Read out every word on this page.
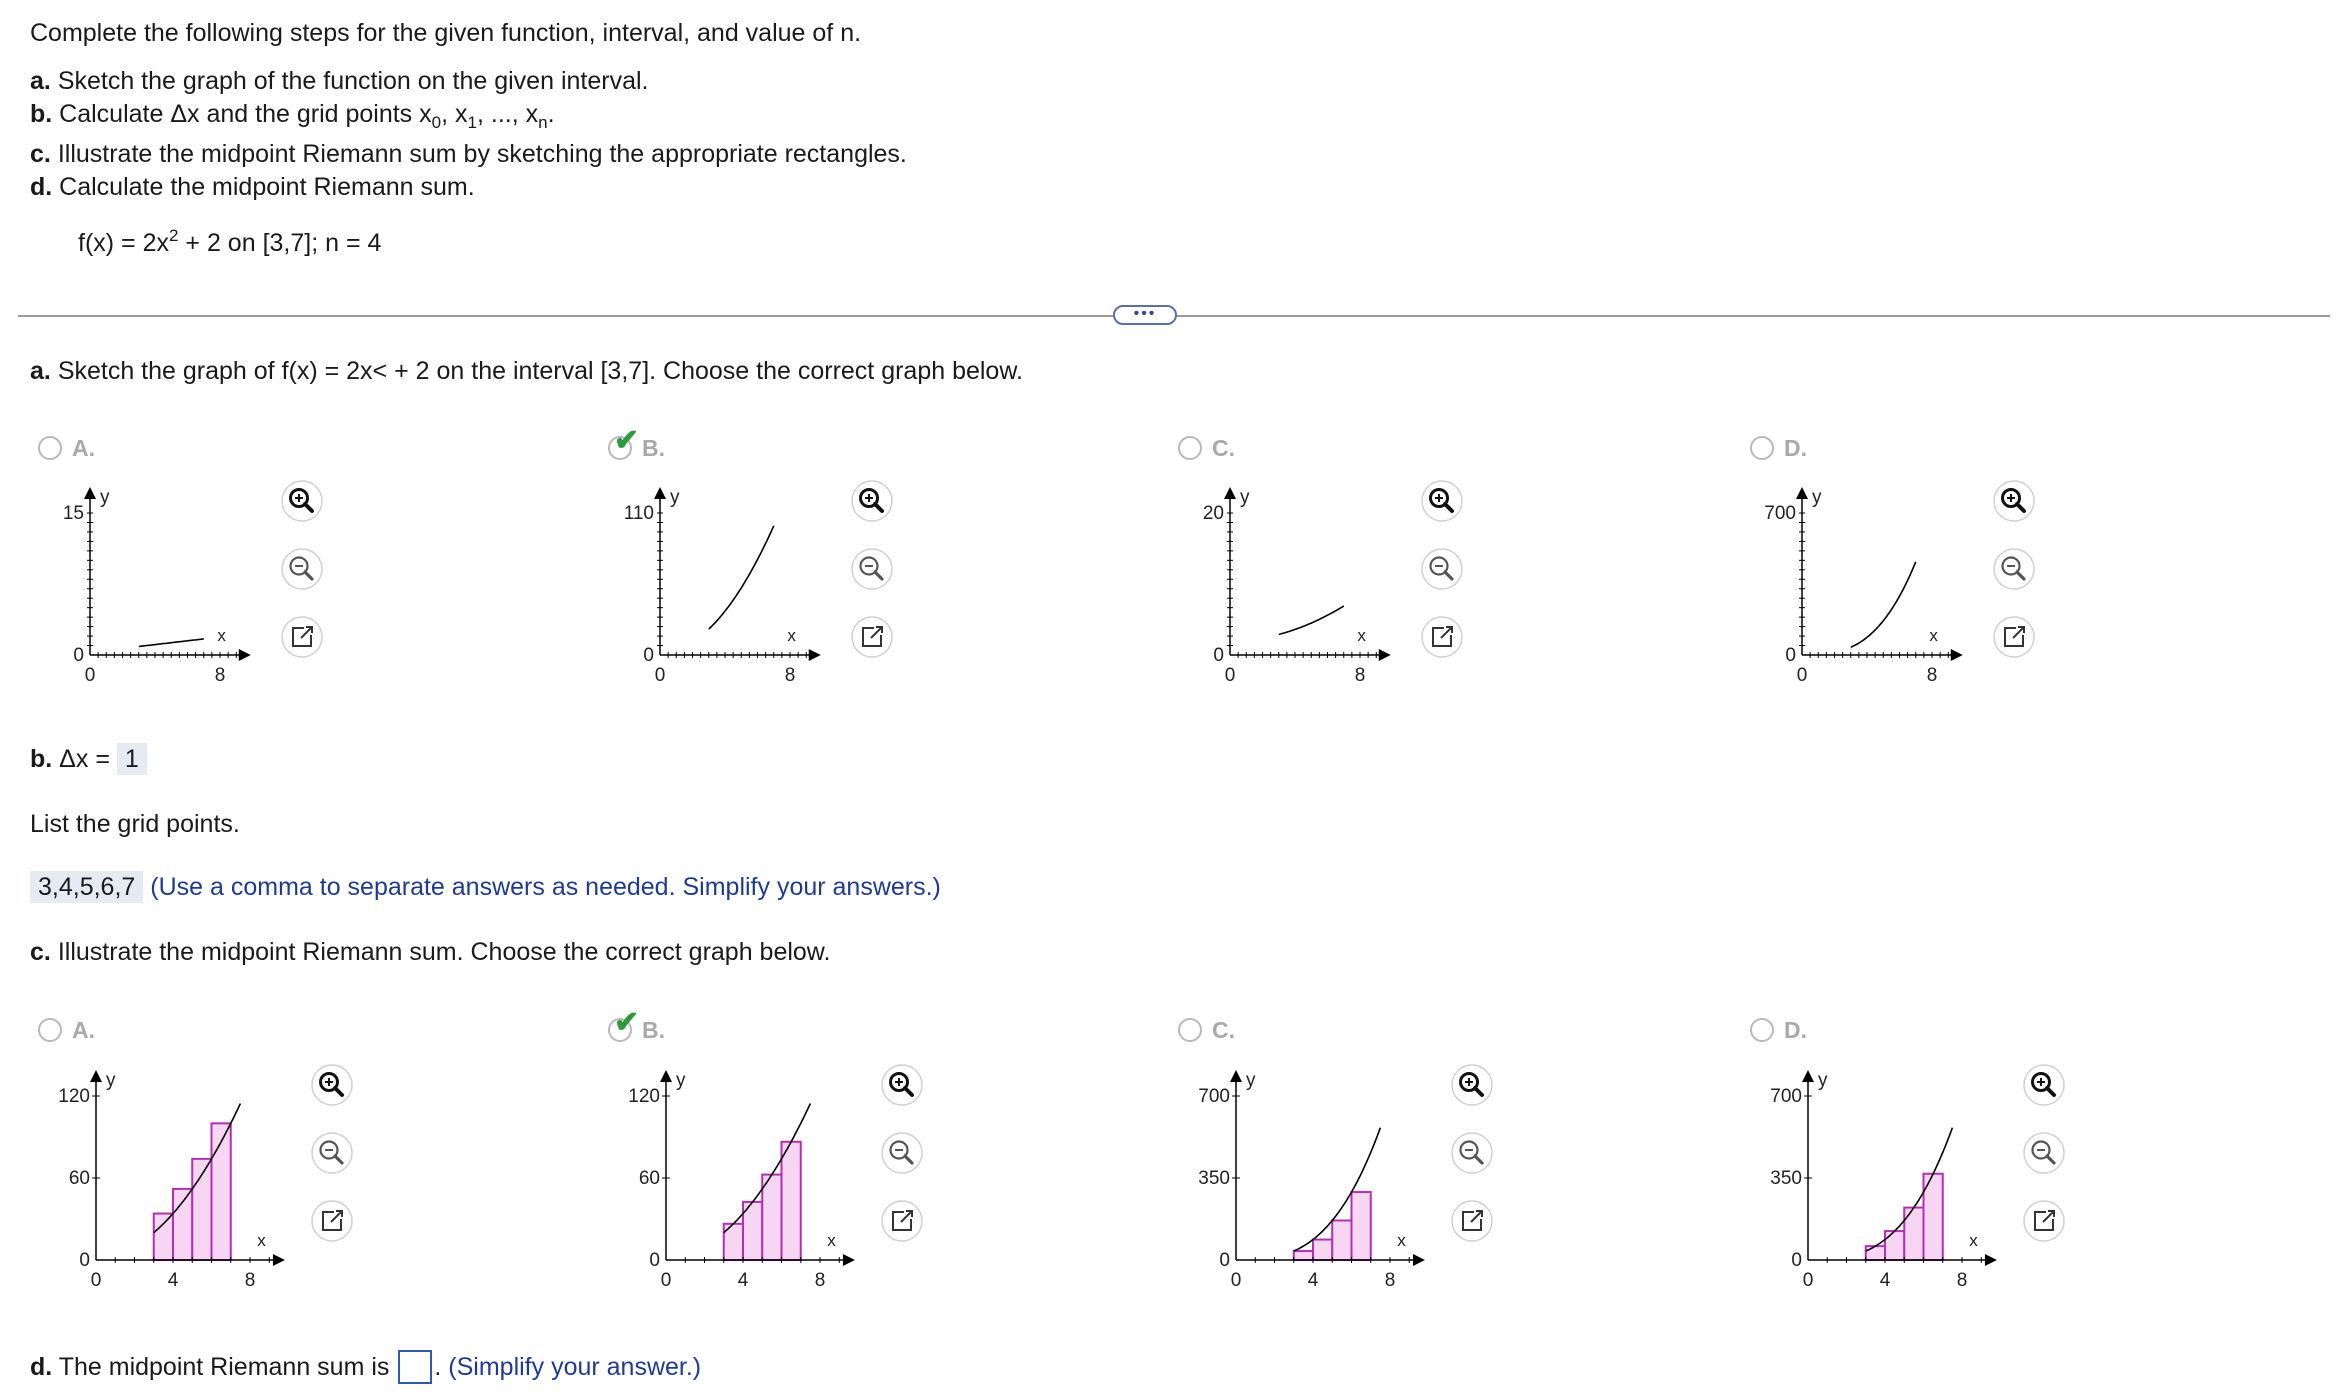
Complete the following steps for the given function, interval, and value of n.
a. Sketch the graph of the function on the given interval.
b. Calculate Δx and the grid points $x_0$, $x_1$, ..., $x_n$.
c. Illustrate the midpoint Riemann sum by sketching the appropriate rectangles.
d. Calculate the midpoint Riemann sum.
$f(x) = 2x^2 + 2$ on [3,7]; n = 4
•••
a. Sketch the graph of f(x) = 2x˂ + 2 on the interval [3,7]. Choose the correct graph below.
A.
15
0
0	8
y
x
✔ B.
110
0
0	8
y
x
C.
20
0
0	8
y
x
D.
700
0
0	8
y
x
b. Δx = 1
List the grid points.
3,4,5,6,7 (Use a comma to separate answers as needed. Simplify your answers.)
c. Illustrate the midpoint Riemann sum. Choose the correct graph below.
A.
120
60
0
0	4	8
y
x
✔ B.
120
60
0
0	4	8
y
x
C.
700
350
0
0	4	8
y
x
D.
700
350
0
0	4	8
y
x
d. The midpoint Riemann sum is . (Simplify your answer.)
